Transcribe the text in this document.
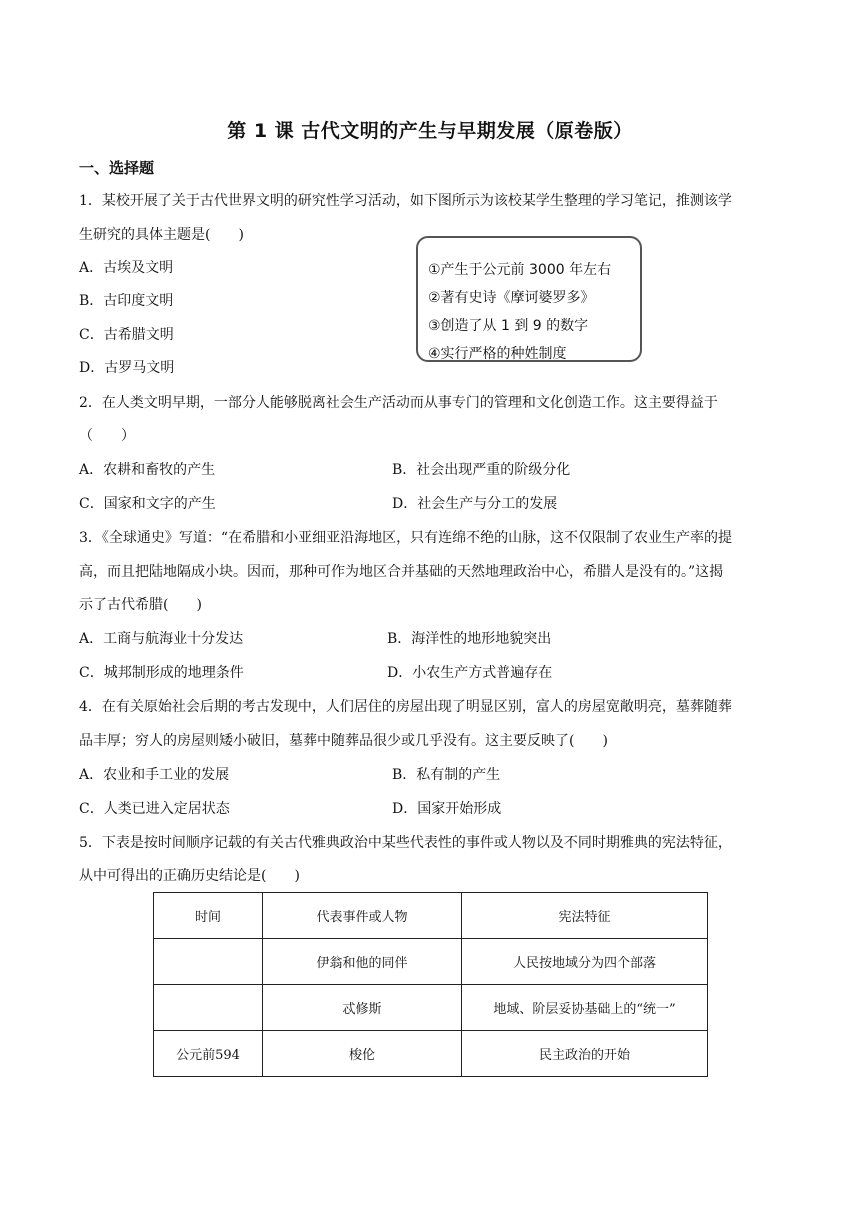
第 1 课 古代文明的产生与早期发展（原卷版）
一、选择题
1．某校开展了关于古代世界文明的研究性学习活动，如下图所示为该校某学生整理的学习笔记，推测该学
生研究的具体主题是(　　)
A．古埃及文明
B．古印度文明
C．古希腊文明
D．古罗马文明
①产生于公元前 3000 年左右
②著有史诗《摩诃婆罗多》
③创造了从 1 到 9 的数字
④实行严格的种姓制度
2．在人类文明早期，一部分人能够脱离社会生产活动而从事专门的管理和文化创造工作。这主要得益于
（　　）
A．农耕和畜牧的产生	B．社会出现严重的阶级分化
C．国家和文字的产生	D．社会生产与分工的发展
3．《全球通史》写道：“在希腊和小亚细亚沿海地区，只有连绵不绝的山脉，这不仅限制了农业生产率的提
高，而且把陆地隔成小块。因而，那种可作为地区合并基础的天然地理政治中心，希腊人是没有的。”这揭
示了古代希腊(　　)
A．工商与航海业十分发达	B．海洋性的地形地貌突出
C．城邦制形成的地理条件	D．小农生产方式普遍存在
4．在有关原始社会后期的考古发现中，人们居住的房屋出现了明显区别，富人的房屋宽敞明亮，墓葬随葬
品丰厚；穷人的房屋则矮小破旧，墓葬中随葬品很少或几乎没有。这主要反映了(　　)
A．农业和手工业的发展	B．私有制的产生
C．人类已进入定居状态	D．国家开始形成
5．下表是按时间顺序记载的有关古代雅典政治中某些代表性的事件或人物以及不同时期雅典的宪法特征，
从中可得出的正确历史结论是(　　)
时间	代表事件或人物	宪法特征
	伊翁和他的同伴	人民按地域分为四个部落
	忒修斯	地域、阶层妥协基础上的“统一”
公元前594	梭伦	民主政治的开始
